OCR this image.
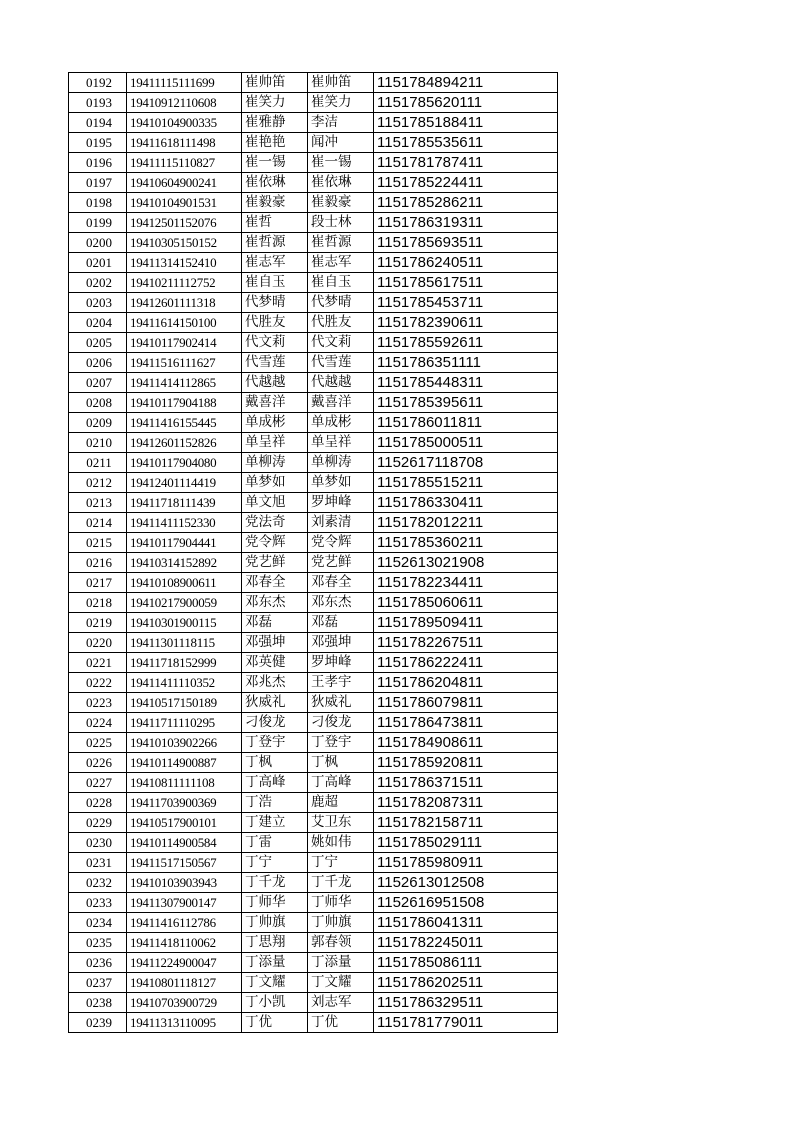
0192	19411115111699	崔帅笛	崔帅笛	1151784894211
0193	19410912110608	崔笑力	崔笑力	1151785620111
0194	19410104900335	崔雅静	李洁	1151785188411
0195	19411618111498	崔艳艳	闻冲	1151785535611
0196	19411115110827	崔一锡	崔一锡	1151781787411
0197	19410604900241	崔依琳	崔依琳	1151785224411
0198	19410104901531	崔毅豪	崔毅豪	1151785286211
0199	19412501152076	崔哲	段士林	1151786319311
0200	19410305150152	崔哲源	崔哲源	1151785693511
0201	19411314152410	崔志军	崔志军	1151786240511
0202	19410211112752	崔自玉	崔自玉	1151785617511
0203	19412601111318	代梦晴	代梦晴	1151785453711
0204	19411614150100	代胜友	代胜友	1151782390611
0205	19410117902414	代文莉	代文莉	1151785592611
0206	19411516111627	代雪莲	代雪莲	1151786351111
0207	19411414112865	代越越	代越越	1151785448311
0208	19410117904188	戴喜洋	戴喜洋	1151785395611
0209	19411416155445	单成彬	单成彬	1151786011811
0210	19412601152826	单呈祥	单呈祥	1151785000511
0211	19410117904080	单柳涛	单柳涛	1152617118708
0212	19412401114419	单梦如	单梦如	1151785515211
0213	19411718111439	单文旭	罗坤峰	1151786330411
0214	19411411152330	党法奇	刘素清	1151782012211
0215	19410117904441	党令辉	党令辉	1151785360211
0216	19410314152892	党艺鲜	党艺鲜	1152613021908
0217	19410108900611	邓春全	邓春全	1151782234411
0218	19410217900059	邓东杰	邓东杰	1151785060611
0219	19410301900115	邓磊	邓磊	1151789509411
0220	19411301118115	邓强坤	邓强坤	1151782267511
0221	19411718152999	邓英健	罗坤峰	1151786222411
0222	19411411110352	邓兆杰	王孝宇	1151786204811
0223	19410517150189	狄威礼	狄威礼	1151786079811
0224	19411711110295	刁俊龙	刁俊龙	1151786473811
0225	19410103902266	丁登宇	丁登宇	1151784908611
0226	19410114900887	丁枫	丁枫	1151785920811
0227	19410811111108	丁高峰	丁高峰	1151786371511
0228	19411703900369	丁浩	鹿超	1151782087311
0229	19410517900101	丁建立	艾卫东	1151782158711
0230	19410114900584	丁雷	姚如伟	1151785029111
0231	19411517150567	丁宁	丁宁	1151785980911
0232	19410103903943	丁千龙	丁千龙	1152613012508
0233	19411307900147	丁师华	丁师华	1152616951508
0234	19411416112786	丁帅旗	丁帅旗	1151786041311
0235	19411418110062	丁思翔	郭春领	1151782245011
0236	19411224900047	丁添量	丁添量	1151785086111
0237	19410801118127	丁文耀	丁文耀	1151786202511
0238	19410703900729	丁小凯	刘志军	1151786329511
0239	19411313110095	丁优	丁优	1151781779011
